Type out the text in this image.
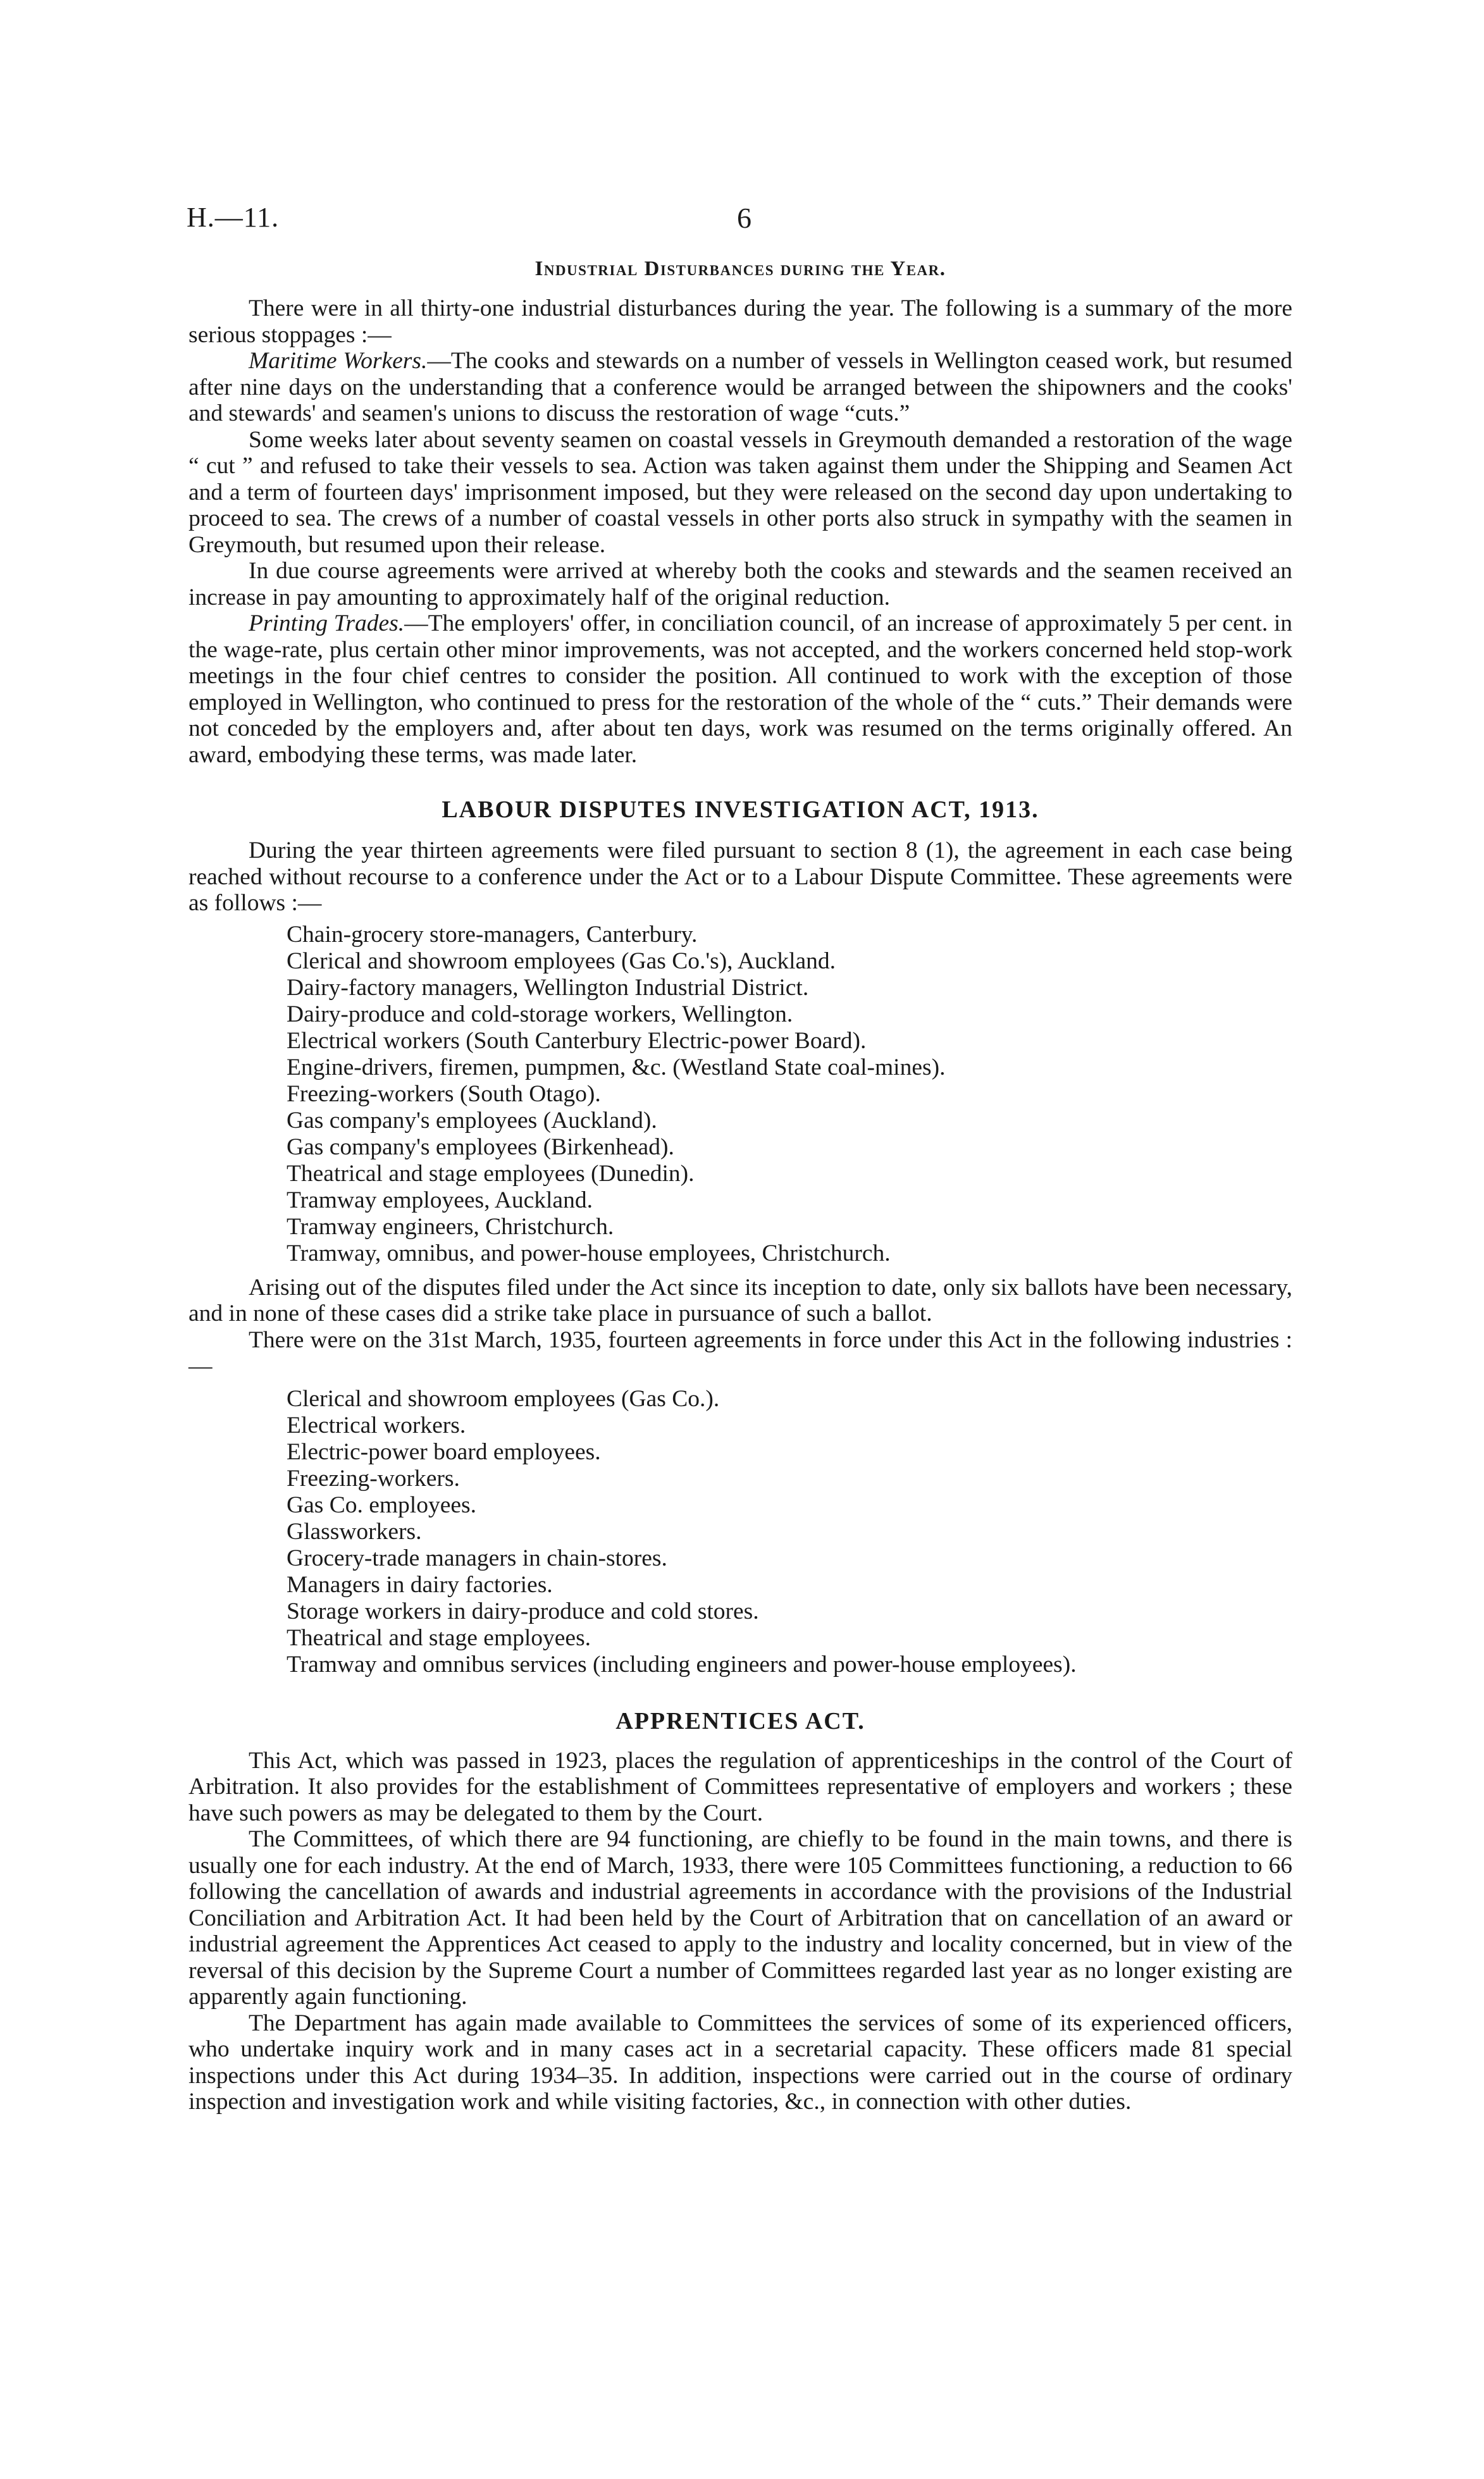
H.—11.	6
Industrial Disturbances during the Year.

There were in all thirty-one industrial disturbances during the year. The following is a summary of the more serious stoppages :—

Maritime Workers.—The cooks and stewards on a number of vessels in Wellington ceased work, but resumed after nine days on the understanding that a conference would be arranged between the shipowners and the cooks' and stewards' and seamen's unions to discuss the restoration of wage “cuts.”

Some weeks later about seventy seamen on coastal vessels in Greymouth demanded a restoration of the wage “ cut ” and refused to take their vessels to sea. Action was taken against them under the Shipping and Seamen Act and a term of fourteen days' imprisonment imposed, but they were released on the second day upon undertaking to proceed to sea. The crews of a number of coastal vessels in other ports also struck in sympathy with the seamen in Greymouth, but resumed upon their release.

In due course agreements were arrived at whereby both the cooks and stewards and the seamen received an increase in pay amounting to approximately half of the original reduction.

Printing Trades.—The employers' offer, in conciliation council, of an increase of approximately 5 per cent. in the wage-rate, plus certain other minor improvements, was not accepted, and the workers concerned held stop-work meetings in the four chief centres to consider the position. All continued to work with the exception of those employed in Wellington, who continued to press for the restoration of the whole of the “ cuts.” Their demands were not conceded by the employers and, after about ten days, work was resumed on the terms originally offered. An award, embodying these terms, was made later.

LABOUR DISPUTES INVESTIGATION ACT, 1913.

During the year thirteen agreements were filed pursuant to section 8 (1), the agreement in each case being reached without recourse to a conference under the Act or to a Labour Dispute Committee. These agreements were as follows :—

Chain-grocery store-managers, Canterbury.
Clerical and showroom employees (Gas Co.'s), Auckland.
Dairy-factory managers, Wellington Industrial District.
Dairy-produce and cold-storage workers, Wellington.
Electrical workers (South Canterbury Electric-power Board).
Engine-drivers, firemen, pumpmen, &c. (Westland State coal-mines).
Freezing-workers (South Otago).
Gas company's employees (Auckland).
Gas company's employees (Birkenhead).
Theatrical and stage employees (Dunedin).
Tramway employees, Auckland.
Tramway engineers, Christchurch.
Tramway, omnibus, and power-house employees, Christchurch.

Arising out of the disputes filed under the Act since its inception to date, only six ballots have been necessary, and in none of these cases did a strike take place in pursuance of such a ballot.

There were on the 31st March, 1935, fourteen agreements in force under this Act in the following industries :—

Clerical and showroom employees (Gas Co.).
Electrical workers.
Electric-power board employees.
Freezing-workers.
Gas Co. employees.
Glassworkers.
Grocery-trade managers in chain-stores.
Managers in dairy factories.
Storage workers in dairy-produce and cold stores.
Theatrical and stage employees.
Tramway and omnibus services (including engineers and power-house employees).
APPRENTICES ACT.

This Act, which was passed in 1923, places the regulation of apprenticeships in the control of the Court of Arbitration. It also provides for the establishment of Committees representative of employers and workers ; these have such powers as may be delegated to them by the Court.

The Committees, of which there are 94 functioning, are chiefly to be found in the main towns, and there is usually one for each industry. At the end of March, 1933, there were 105 Committees functioning, a reduction to 66 following the cancellation of awards and industrial agreements in accordance with the provisions of the Industrial Conciliation and Arbitration Act. It had been held by the Court of Arbitration that on cancellation of an award or industrial agreement the Apprentices Act ceased to apply to the industry and locality concerned, but in view of the reversal of this decision by the Supreme Court a number of Committees regarded last year as no longer existing are apparently again functioning.

The Department has again made available to Committees the services of some of its experienced officers, who undertake inquiry work and in many cases act in a secretarial capacity. These officers made 81 special inspections under this Act during 1934–35. In addition, inspections were carried out in the course of ordinary inspection and investigation work and while visiting factories, &c., in connection with other duties.
